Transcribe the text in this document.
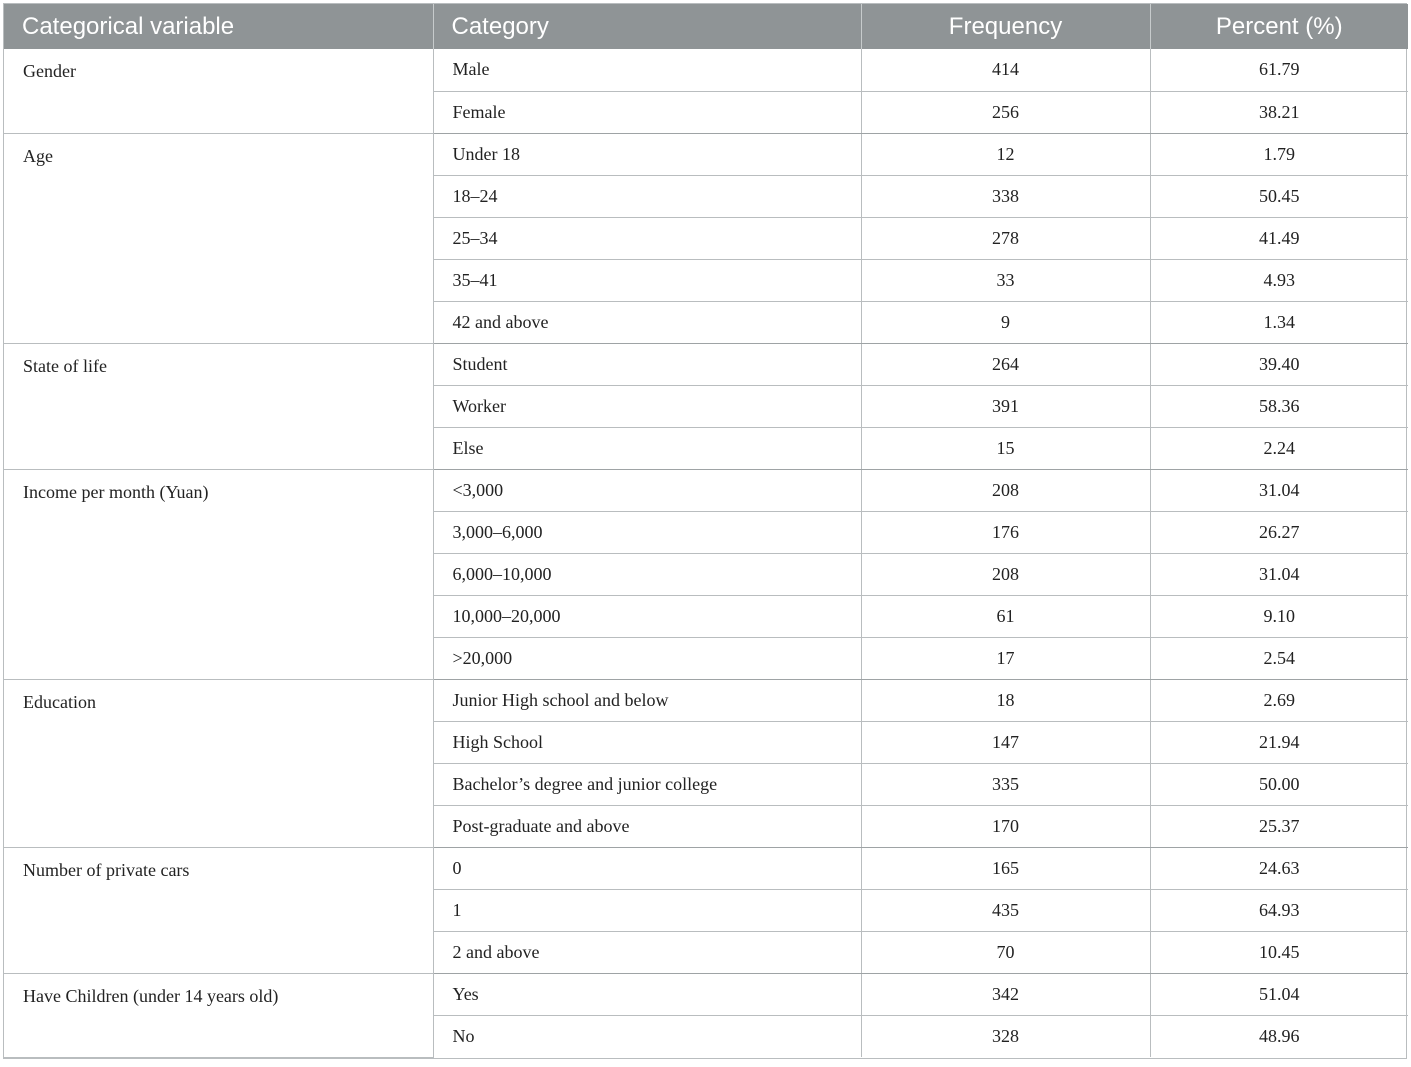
Categorical variable	Category	Frequency	Percent (%)
Gender	Male	414	61.79
	Female	256	38.21
Age	Under 18	12	1.79
	18–24	338	50.45
	25–34	278	41.49
	35–41	33	4.93
	42 and above	9	1.34
State of life	Student	264	39.40
	Worker	391	58.36
	Else	15	2.24
Income per month (Yuan)	<3,000	208	31.04
	3,000–6,000	176	26.27
	6,000–10,000	208	31.04
	10,000–20,000	61	9.10
	>20,000	17	2.54
Education	Junior High school and below	18	2.69
	High School	147	21.94
	Bachelor’s degree and junior college	335	50.00
	Post-graduate and above	170	25.37
Number of private cars	0	165	24.63
	1	435	64.93
	2 and above	70	10.45
Have Children (under 14 years old)	Yes	342	51.04
	No	328	48.96
